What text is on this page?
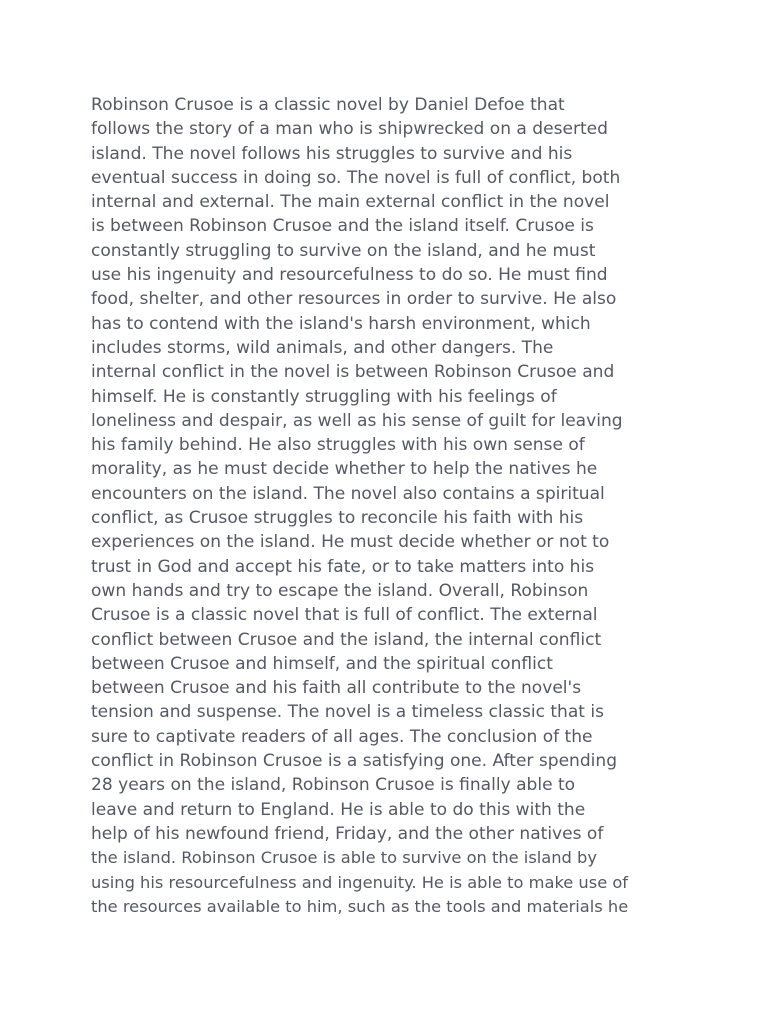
Robinson Crusoe is a classic novel by Daniel Defoe that
follows the story of a man who is shipwrecked on a deserted
island. The novel follows his struggles to survive and his
eventual success in doing so. The novel is full of conflict, both
internal and external. The main external conflict in the novel
is between Robinson Crusoe and the island itself. Crusoe is
constantly struggling to survive on the island, and he must
use his ingenuity and resourcefulness to do so. He must find
food, shelter, and other resources in order to survive. He also
has to contend with the island's harsh environment, which
includes storms, wild animals, and other dangers. The
internal conflict in the novel is between Robinson Crusoe and
himself. He is constantly struggling with his feelings of
loneliness and despair, as well as his sense of guilt for leaving
his family behind. He also struggles with his own sense of
morality, as he must decide whether to help the natives he
encounters on the island. The novel also contains a spiritual
conflict, as Crusoe struggles to reconcile his faith with his
experiences on the island. He must decide whether or not to
trust in God and accept his fate, or to take matters into his
own hands and try to escape the island. Overall, Robinson
Crusoe is a classic novel that is full of conflict. The external
conflict between Crusoe and the island, the internal conflict
between Crusoe and himself, and the spiritual conflict
between Crusoe and his faith all contribute to the novel's
tension and suspense. The novel is a timeless classic that is
sure to captivate readers of all ages. The conclusion of the
conflict in Robinson Crusoe is a satisfying one. After spending
28 years on the island, Robinson Crusoe is finally able to
leave and return to England. He is able to do this with the
help of his newfound friend, Friday, and the other natives of
the island. Robinson Crusoe is able to survive on the island by
using his resourcefulness and ingenuity. He is able to make use of
the resources available to him, such as the tools and materials he
